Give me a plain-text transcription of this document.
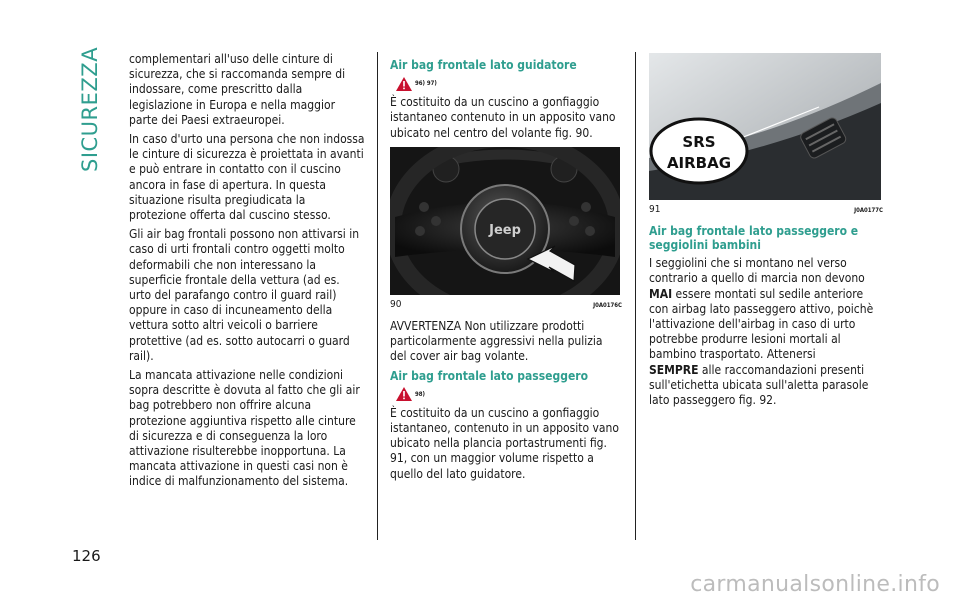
SICUREZZA
126

complementari all'uso delle cinture di sicurezza, che si raccomanda sempre di indossare, come prescritto dalla legislazione in Europa e nella maggior parte dei Paesi extraeuropei.

In caso d'urto una persona che non indossa le cinture di sicurezza è proiettata in avanti e può entrare in contatto con il cuscino ancora in fase di apertura. In questa situazione risulta pregiudicata la protezione offerta dal cuscino stesso.

Gli air bag frontali possono non attivarsi in caso di urti frontali contro oggetti molto deformabili che non interessano la superficie frontale della vettura (ad es. urto del parafango contro il guard rail) oppure in caso di incuneamento della vettura sotto altri veicoli o barriere protettive (ad es. sotto autocarri o guard rail).

La mancata attivazione nelle condizioni sopra descritte è dovuta al fatto che gli air bag potrebbero non offrire alcuna protezione aggiuntiva rispetto alle cinture di sicurezza e di conseguenza la loro attivazione risulterebbe inopportuna. La mancata attivazione in questi casi non è indice di malfunzionamento del sistema.

Air bag frontale lato guidatore
96) 97)

È costituito da un cuscino a gonfiaggio istantaneo contenuto in un apposito vano ubicato nel centro del volante fig. 90.

Jeep
90	J0A0176C

AVVERTENZA Non utilizzare prodotti particolarmente aggressivi nella pulizia del cover air bag volante.

Air bag frontale lato passeggero
98)

È costituito da un cuscino a gonfiaggio istantaneo, contenuto in un apposito vano ubicato nella plancia portastrumenti fig. 91, con un maggior volume rispetto a quello del lato guidatore.

SRS
AIRBAG
91	J0A0177C
Air bag frontale lato passeggero e seggiolini bambini

I seggiolini che si montano nel verso contrario a quello di marcia non devono
MAI essere montati sul sedile anteriore con airbag lato passeggero attivo, poichè l'attivazione dell'airbag in caso di urto potrebbe produrre lesioni mortali al bambino trasportato. Attenersi
SEMPRE alle raccomandazioni presenti sull'etichetta ubicata sull'aletta parasole lato passeggero fig. 92.

carmanualsonline.info
